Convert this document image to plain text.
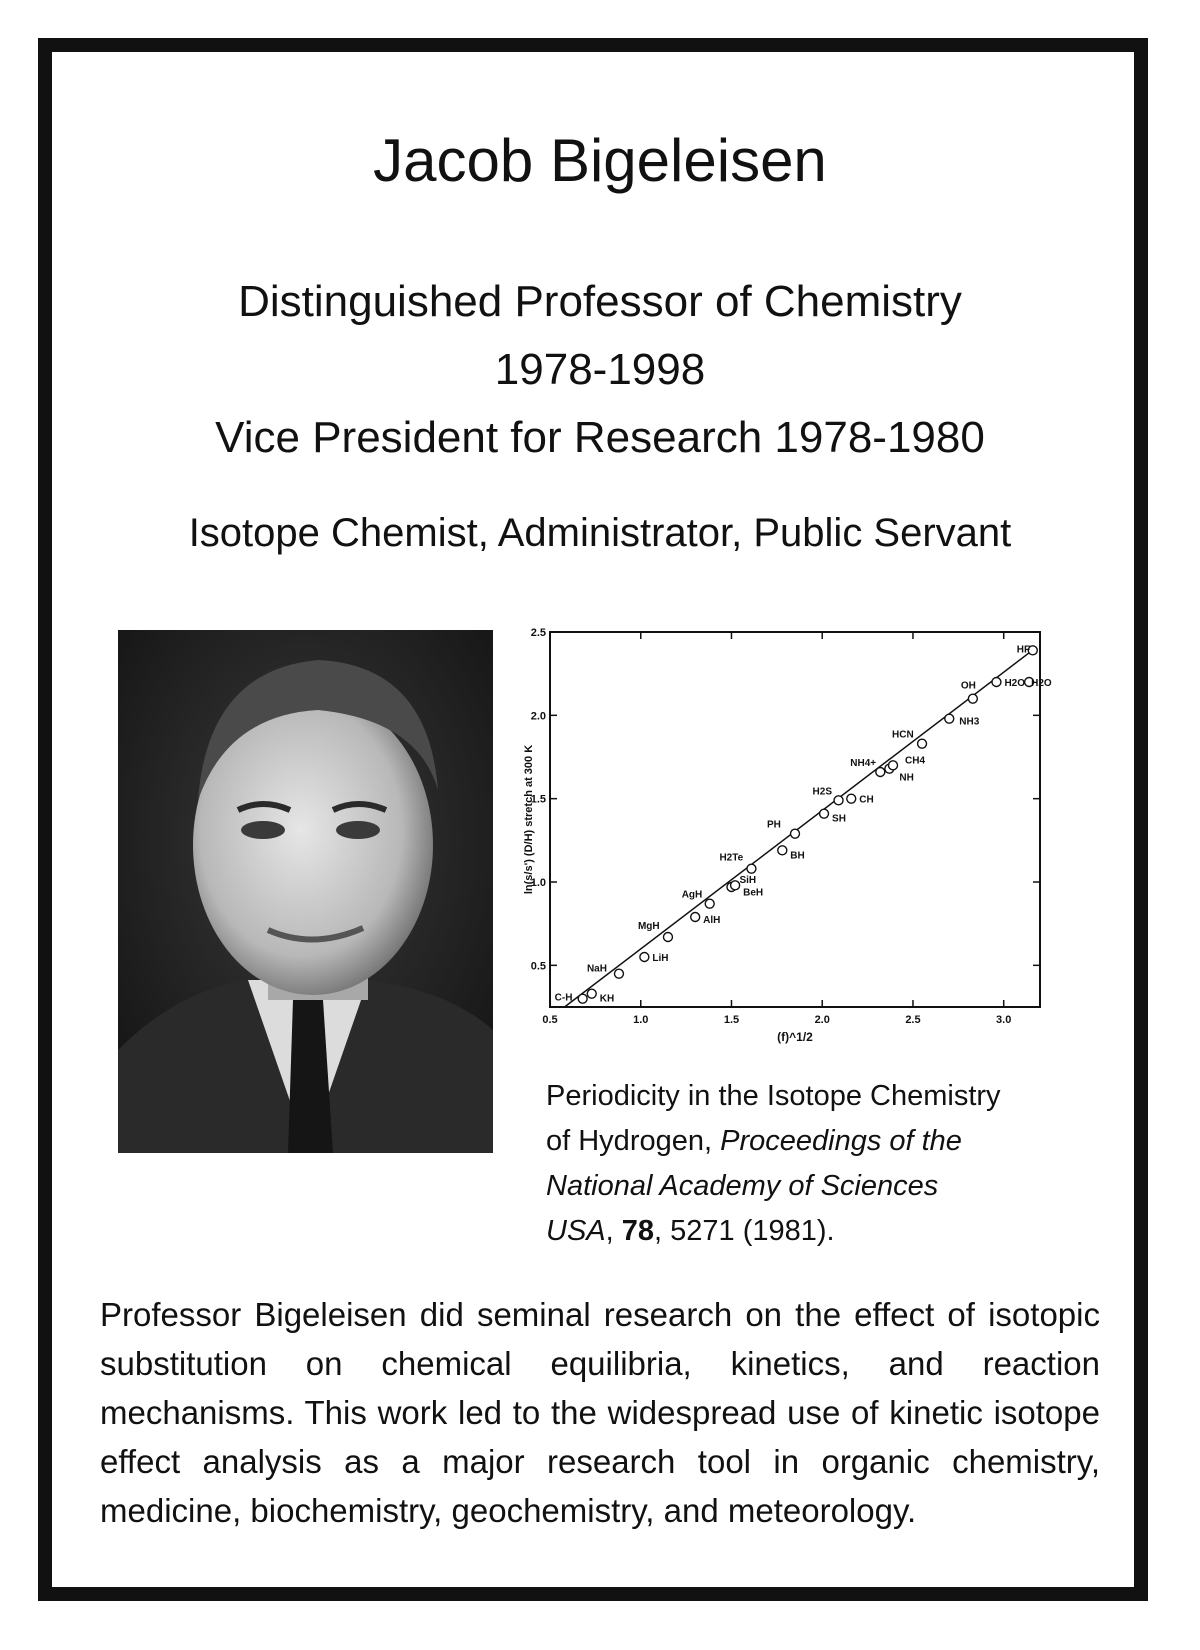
Jacob Bigeleisen
Distinguished Professor of Chemistry
1978-1998
Vice President for Research 1978-1980
Isotope Chemist, Administrator, Public Servant
0.5	1.0	1.5	2.0	2.5	3.0
0.5
1.0
1.5
2.0
2.5
(f)^1/2
ln(s/s') (D/H) stretch at 300 K
C-H	KH
NaH
LiH
MgH
AlH
AgH
SiH
BeH
H2Te	BH
PH
SH
H2S
CH
NH4+
NH
CH4
HCN
NH3
OH	H2O H2O
HF
Periodicity in the Isotope Chemistry
of Hydrogen, Proceedings of the
National Academy of Sciences
USA, 78, 5271 (1981).
Professor Bigeleisen did seminal research on the effect of isotopic substitution on chemical equilibria, kinetics, and reaction mechanisms. This work led to the widespread use of kinetic isotope effect analysis as a major research tool in organic chemistry, medicine, biochemistry, geochemistry, and meteorology.
